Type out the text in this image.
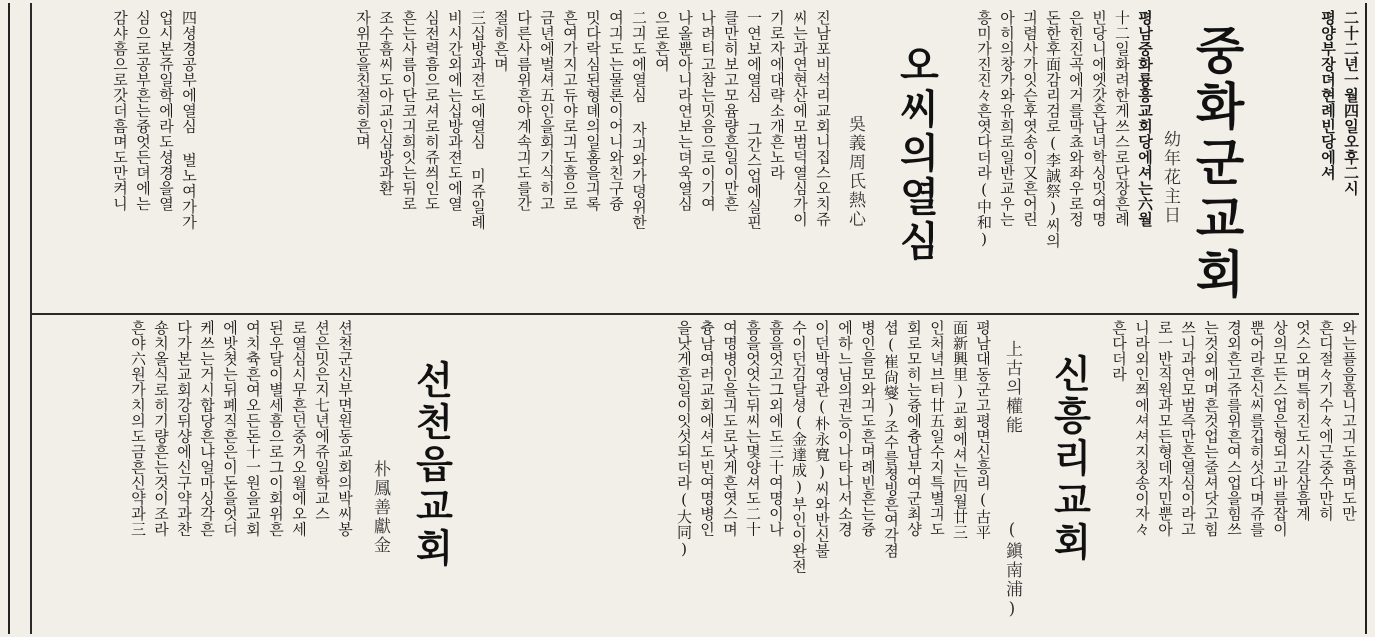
중화군교회
幼年花主日	二十二년一월四일오후二시
평양부장뎌현례빈당에셔
평남중화룡흥교회당에셔는六월
十二일화려한게쓰스로단장흔례
빈당니에엣갓흔남녀학싱밋여명
은힌진곡에거를막쵸와좌우로정
돈한후面감리검로(李誠祭)씨의
긔렴사가잇슨후엿송이又흔어린
아히의창가와유희로일반교우는
흥미가진진々흔엿다더라(中和)
오씨의열심
吳義周氏熱心
진남포비석리교회니집스오치쥬
씨는과연현산에모범덕열심가이
기로자에대략소개흔노라
一연보에열심 그간스업에실핀
클만히보고모윰량흔일이만흔
나려티고참는밋음으로이기여
나올뿐아니라연보는뎌욱열심
으로흔여
二긔도에열심 자긔와가뎡위한
여긔도는물론이어니와친구즁
밋다락심된형뎨의일홈을긔록
흔여가지고듀야로긔도흠으로
금년에벌셔五인을회기식히고
다른사름위흔야계속긔도를간
절히흔며
三십방과젼도에열심 미쥬일례
비시간외에는십방과젼도에열
심전력흠으로셔로히쥬씌인도
흔는사름이단코긔희잇는뒤로
조수흠씨도아교인심방과환
자위문을친절히흔며
四셩경공부에열심 벌노여가가
업시본쥬일학에라도셩경을열
심으로공부흔는즁엇든뎌에는
감샤흠으로갓더흠며도만켜니
와는플음흠니고긔도흠며도만
흔디절々기수々에근중수만히
엇스오며특히진도시갈삼흠계
상의모든스업은형되고바름잡이
뿐어라흔신씨를깁히섯다며쥬를
경외흔고쥬를위흔여스업을힘쓰
는것외에며흔것업는줄셔닷고힘
쓰니과연모범즉만흔열심이라고
로一반직원과모든형데자민뿐아
니라외인쯰에셔셔지칭송이자々
흔다더라
신흥리교회
上古의權能
(鎭南浦)
평남대동군고평면신흥리(古平
面新興里)교회에셔는四월廿三
인처녁브터廿五일수지특별긔도
회로모히는즁에츙남부여군최샹
셥(崔尙燮)조수를쳥빙흔여각졈
병인을모와긔도흔며례빈흔는즁
에하느님의권능이나타나서소경
이던박영관(朴永寬)씨와반신불
수이던김달셩(金達成)부인이완전
흠을엇고그외에도三十여명이나
흠을엇엇는뒤씨는몇양셔도二十
여명병인을긔도로낫게흔엿스며
츙남여러교회에셔도빈여명병인
을낫게흔일이잇섯되더라(大同)
선천읍교회
朴鳳善獻金
션천군신부면원동교회의박씨봉
션은밋은지七년에쥬일학교스
로열심시무흔던중거오월에오세
된우달이별세흠으로그이회위흔
여치츅흔여오든돈十一원을교회
에밧쳣는뒤폐직흔은이돈을엇더
케쓰는거시합당흔냐얼마싱각흔
다가본교회강뒤샹에신구약과찬
숑치올식로히기량흔는것이조라
흔야六원가치의도금흔신약과三
